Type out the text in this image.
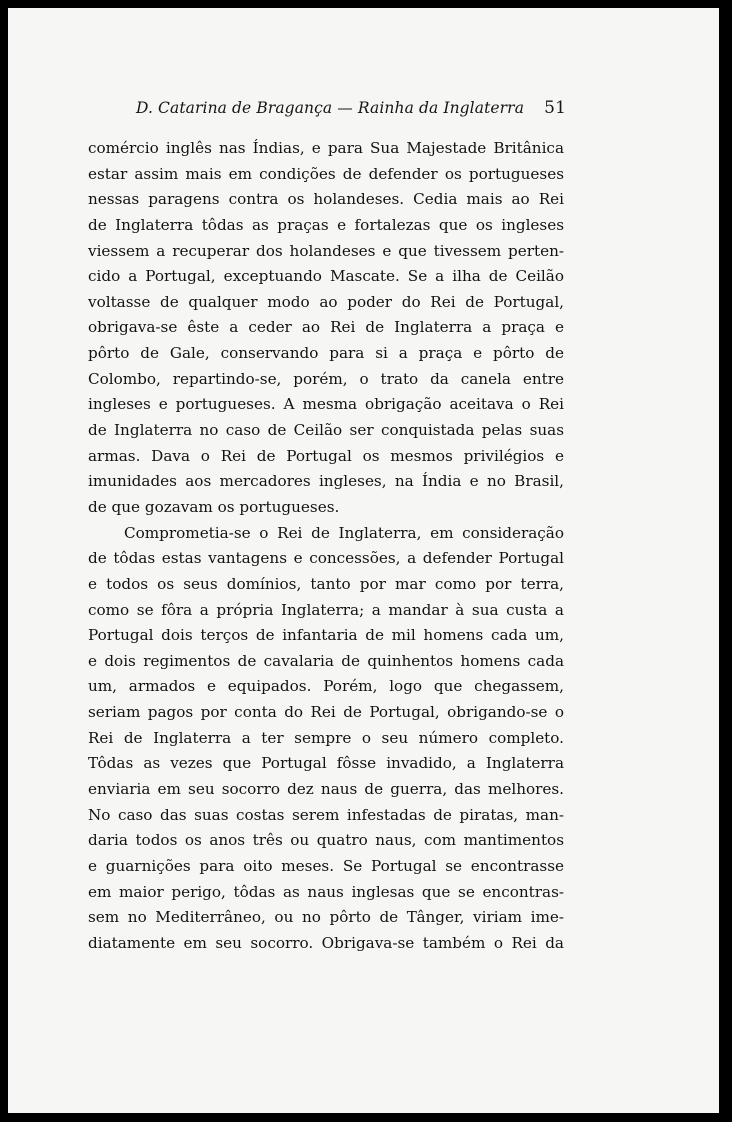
D. Catarina de Bragança — Rainha da Inglaterra 51
comércio inglês nas Índias, e para Sua Majestade Britânica
estar assim mais em condições de defender os portugueses
nessas paragens contra os holandeses. Cedia mais ao Rei
de Inglaterra tôdas as praças e fortalezas que os ingleses
viessem a recuperar dos holandeses e que tivessem perten-
cido a Portugal, exceptuando Mascate. Se a ilha de Ceilão
voltasse de qualquer modo ao poder do Rei de Portugal,
obrigava-se êste a ceder ao Rei de Inglaterra a praça e
pôrto de Gale, conservando para si a praça e pôrto de
Colombo, repartindo-se, porém, o trato da canela entre
ingleses e portugueses. A mesma obrigação aceitava o Rei
de Inglaterra no caso de Ceilão ser conquistada pelas suas
armas. Dava o Rei de Portugal os mesmos privilégios e
imunidades aos mercadores ingleses, na Índia e no Brasil,
de que gozavam os portugueses.
Comprometia-se o Rei de Inglaterra, em consideração
de tôdas estas vantagens e concessões, a defender Portugal
e todos os seus domínios, tanto por mar como por terra,
como se fôra a própria Inglaterra; a mandar à sua custa a
Portugal dois terços de infantaria de mil homens cada um,
e dois regimentos de cavalaria de quinhentos homens cada
um, armados e equipados. Porém, logo que chegassem,
seriam pagos por conta do Rei de Portugal, obrigando-se o
Rei de Inglaterra a ter sempre o seu número completo.
Tôdas as vezes que Portugal fôsse invadido, a Inglaterra
enviaria em seu socorro dez naus de guerra, das melhores.
No caso das suas costas serem infestadas de piratas, man-
daria todos os anos três ou quatro naus, com mantimentos
e guarnições para oito meses. Se Portugal se encontrasse
em maior perigo, tôdas as naus inglesas que se encontras-
sem no Mediterrâneo, ou no pôrto de Tânger, viriam ime-
diatamente em seu socorro. Obrigava-se também o Rei da
